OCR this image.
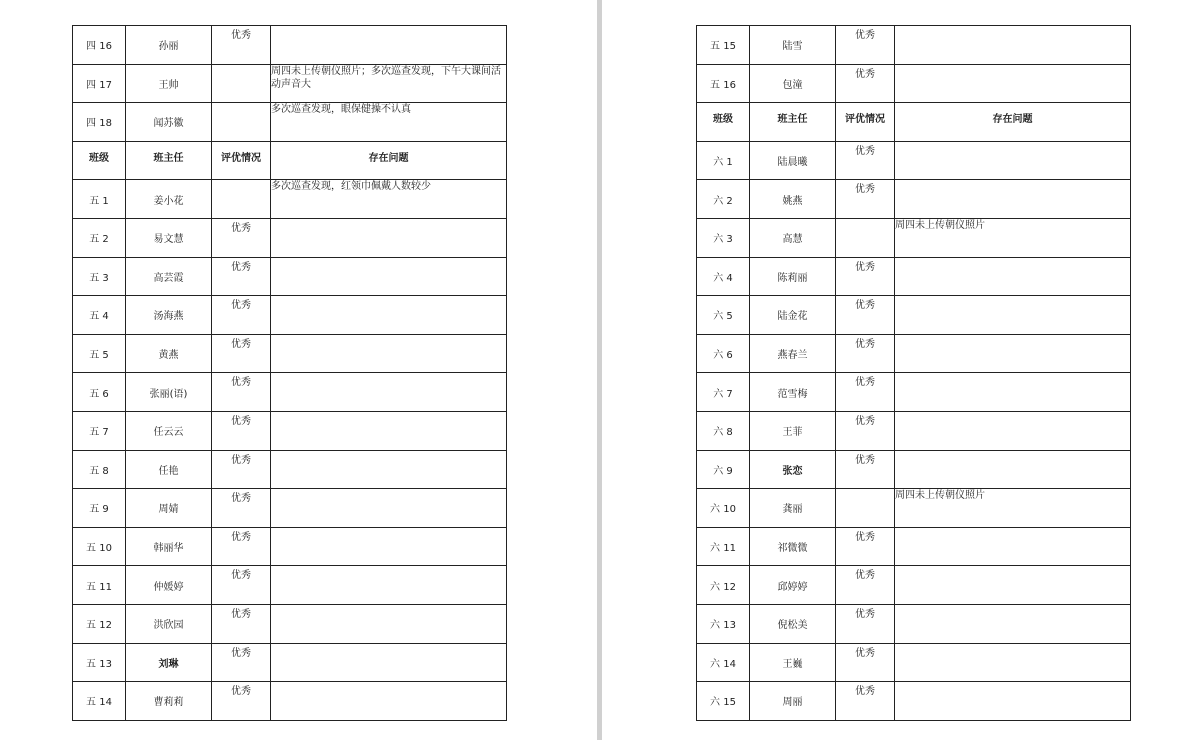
四 16	孙丽	优秀	
四 17	王帅		周四未上传朝仪照片；多次巡查发现，下午大课间活动声音大
四 18	闻苏徽		多次巡查发现，眼保健操不认真
班级	班主任	评优情况	存在问题
五 1	姜小花		多次巡查发现，红领巾佩戴人数较少
五 2	易文慧	优秀	
五 3	高芸霞	优秀	
五 4	汤海燕	优秀	
五 5	黄燕	优秀	
五 6	张丽(语)	优秀	
五 7	任云云	优秀	
五 8	任艳	优秀	
五 9	周婧	优秀	
五 10	韩丽华	优秀	
五 11	仲媛婷	优秀	
五 12	洪欣园	优秀	
五 13	刘琳	优秀	
五 14	曹莉莉	优秀	
五 15	陆雪	优秀	
五 16	包潼	优秀	
班级	班主任	评优情况	存在问题
六 1	陆晨曦	优秀	
六 2	姚燕	优秀	
六 3	高慧		周四未上传朝仪照片
六 4	陈莉丽	优秀	
六 5	陆金花	优秀	
六 6	燕春兰	优秀	
六 7	范雪梅	优秀	
六 8	王菲	优秀	
六 9	张恋	优秀	
六 10	龚丽		周四未上传朝仪照片
六 11	祁微微	优秀	
六 12	邱婷婷	优秀	
六 13	倪松美	优秀	
六 14	王巍	优秀	
六 15	周丽	优秀	
